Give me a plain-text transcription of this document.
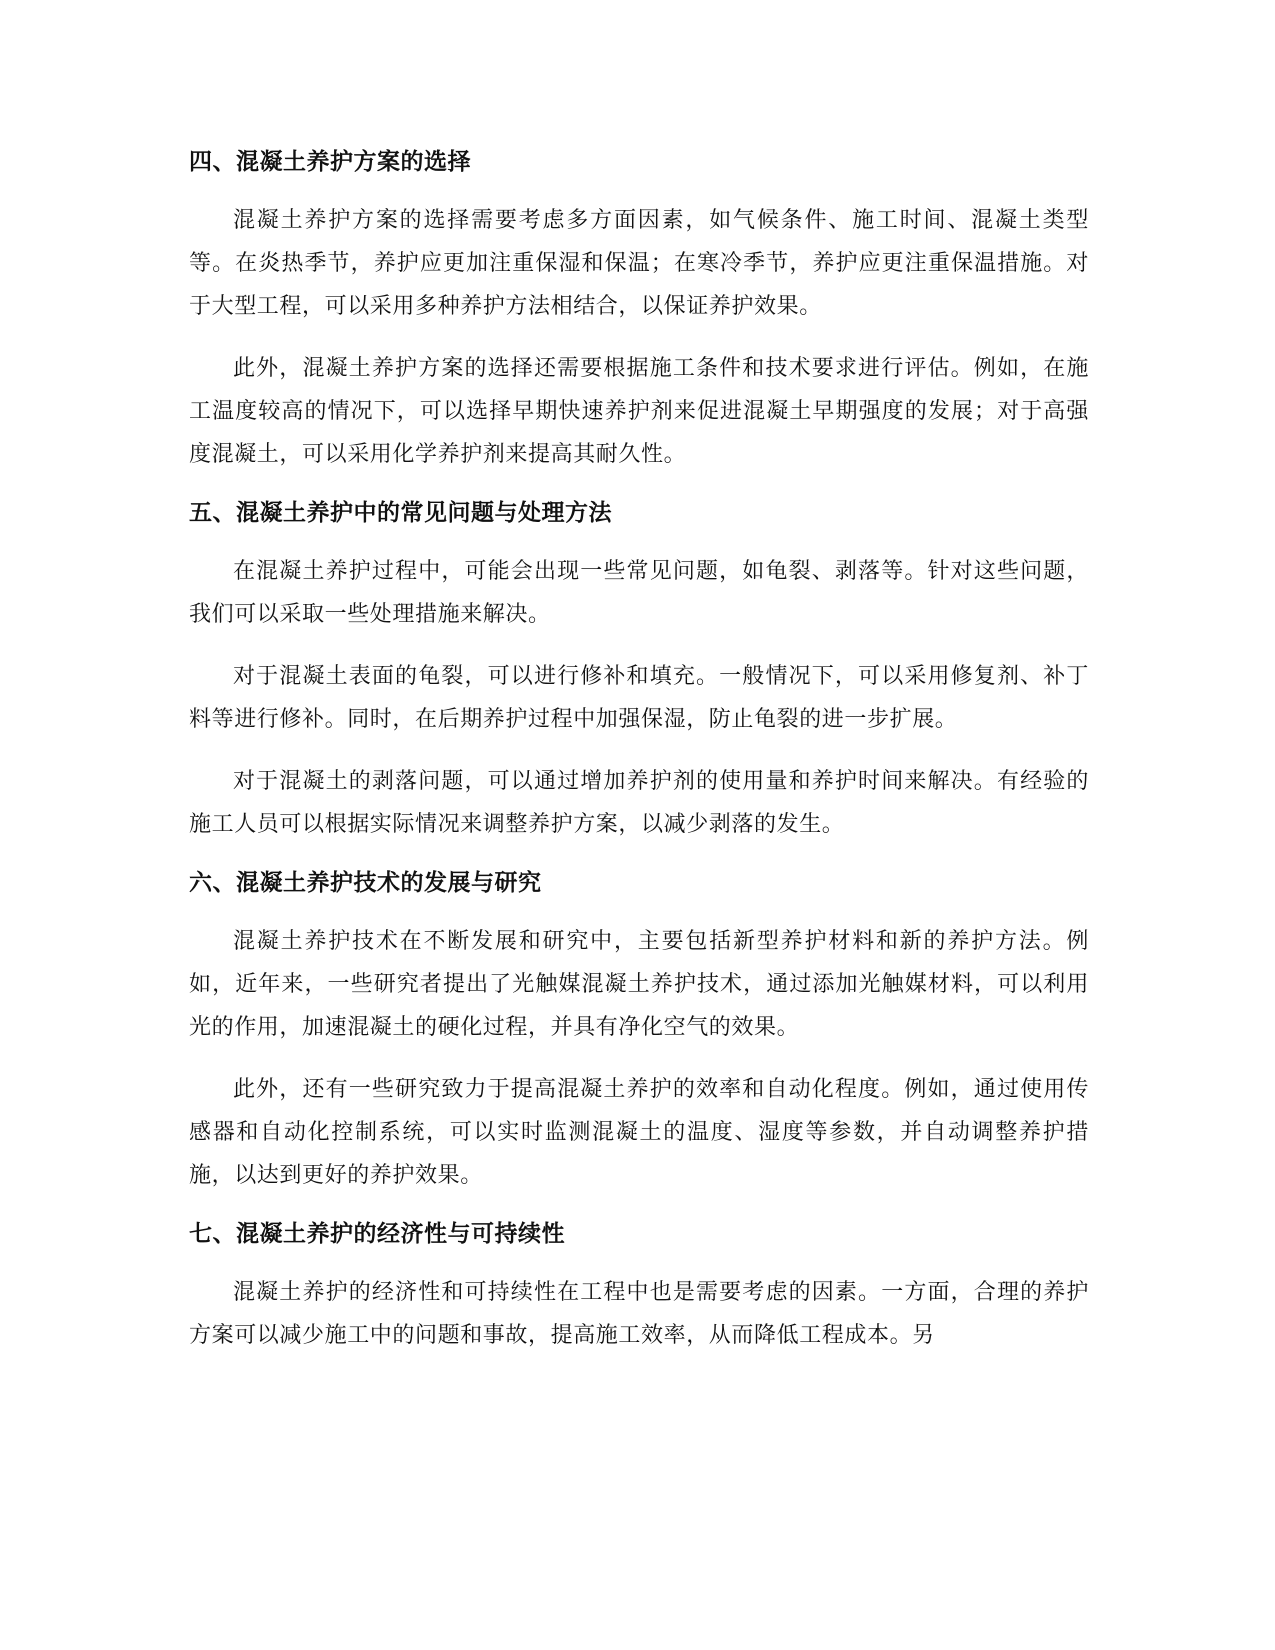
四、混凝土养护方案的选择

混凝土养护方案的选择需要考虑多方面因素，如气候条件、施工时间、混凝土类型等。在炎热季节，养护应更加注重保湿和保温；在寒冷季节，养护应更注重保温措施。对于大型工程，可以采用多种养护方法相结合，以保证养护效果。

此外，混凝土养护方案的选择还需要根据施工条件和技术要求进行评估。例如，在施工温度较高的情况下，可以选择早期快速养护剂来促进混凝土早期强度的发展；对于高强度混凝土，可以采用化学养护剂来提高其耐久性。

五、混凝土养护中的常见问题与处理方法

在混凝土养护过程中，可能会出现一些常见问题，如龟裂、剥落等。针对这些问题，我们可以采取一些处理措施来解决。

对于混凝土表面的龟裂，可以进行修补和填充。一般情况下，可以采用修复剂、补丁料等进行修补。同时，在后期养护过程中加强保湿，防止龟裂的进一步扩展。

对于混凝土的剥落问题，可以通过增加养护剂的使用量和养护时间来解决。有经验的施工人员可以根据实际情况来调整养护方案，以减少剥落的发生。

六、混凝土养护技术的发展与研究

混凝土养护技术在不断发展和研究中，主要包括新型养护材料和新的养护方法。例如，近年来，一些研究者提出了光触媒混凝土养护技术，通过添加光触媒材料，可以利用光的作用，加速混凝土的硬化过程，并具有净化空气的效果。

此外，还有一些研究致力于提高混凝土养护的效率和自动化程度。例如，通过使用传感器和自动化控制系统，可以实时监测混凝土的温度、湿度等参数，并自动调整养护措施，以达到更好的养护效果。

七、混凝土养护的经济性与可持续性

混凝土养护的经济性和可持续性在工程中也是需要考虑的因素。一方面，合理的养护方案可以减少施工中的问题和事故，提高施工效率，从而降低工程成本。另
